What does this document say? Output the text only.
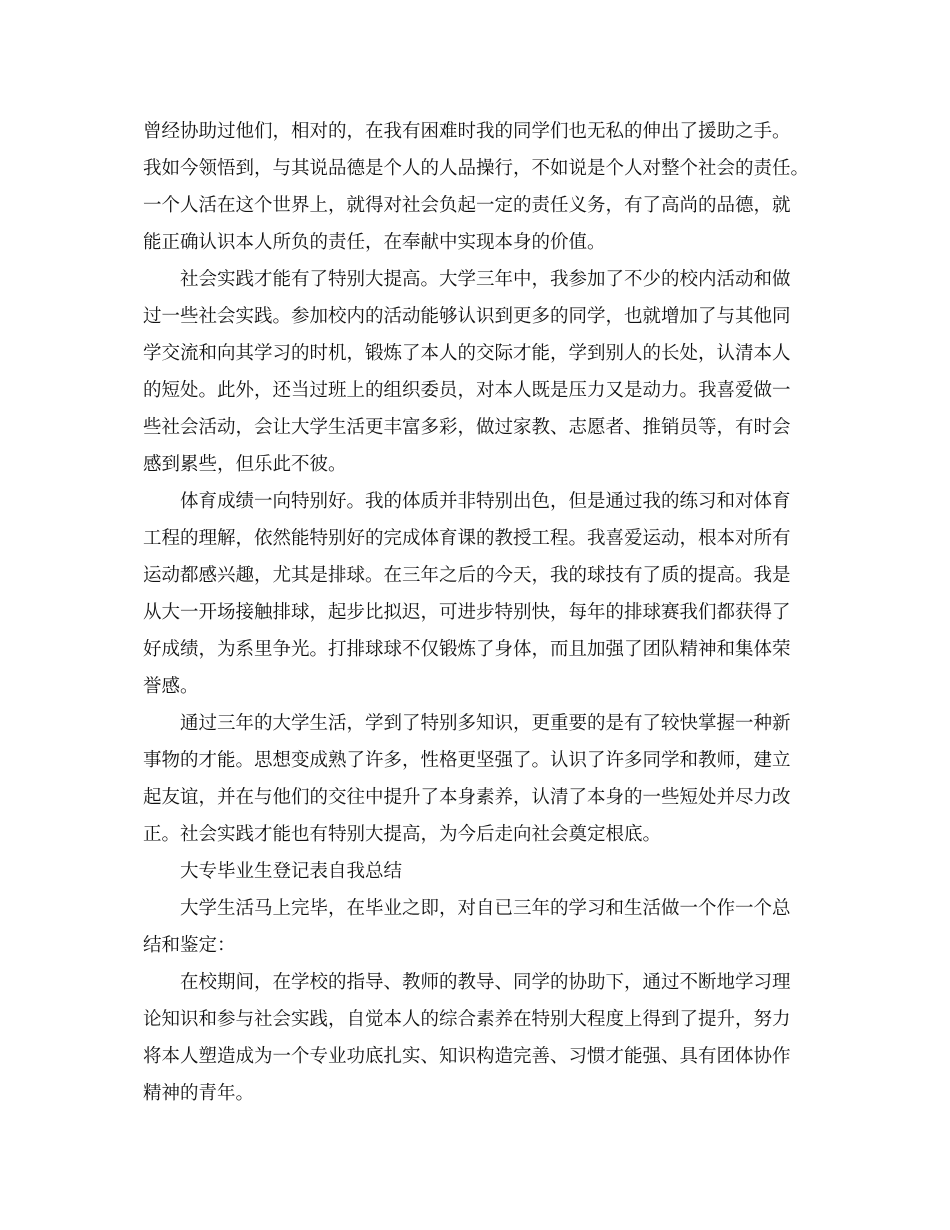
曾经协助过他们，相对的，在我有困难时我的同学们也无私的伸出了援助之手。
我如今领悟到，与其说品德是个人的人品操行，不如说是个人对整个社会的责任。
一个人活在这个世界上，就得对社会负起一定的责任义务，有了高尚的品德，就
能正确认识本人所负的责任，在奉献中实现本身的价值。

社会实践才能有了特别大提高。大学三年中，我参加了不少的校内活动和做
过一些社会实践。参加校内的活动能够认识到更多的同学，也就增加了与其他同
学交流和向其学习的时机，锻炼了本人的交际才能，学到别人的长处，认清本人
的短处。此外，还当过班上的组织委员，对本人既是压力又是动力。我喜爱做一
些社会活动，会让大学生活更丰富多彩，做过家教、志愿者、推销员等，有时会
感到累些，但乐此不彼。

体育成绩一向特别好。我的体质并非特别出色，但是通过我的练习和对体育
工程的理解，依然能特别好的完成体育课的教授工程。我喜爱运动，根本对所有
运动都感兴趣，尤其是排球。在三年之后的今天，我的球技有了质的提高。我是
从大一开场接触排球，起步比拟迟，可进步特别快，每年的排球赛我们都获得了
好成绩，为系里争光。打排球球不仅锻炼了身体，而且加强了团队精神和集体荣
誉感。

通过三年的大学生活，学到了特别多知识，更重要的是有了较快掌握一种新
事物的才能。思想变成熟了许多，性格更坚强了。认识了许多同学和教师，建立
起友谊，并在与他们的交往中提升了本身素养，认清了本身的一些短处并尽力改
正。社会实践才能也有特别大提高，为今后走向社会奠定根底。

大专毕业生登记表自我总结

大学生活马上完毕，在毕业之即，对自已三年的学习和生活做一个作一个总
结和鉴定：

在校期间，在学校的指导、教师的教导、同学的协助下，通过不断地学习理
论知识和参与社会实践，自觉本人的综合素养在特别大程度上得到了提升，努力
将本人塑造成为一个专业功底扎实、知识构造完善、习惯才能强、具有团体协作
精神的青年。
